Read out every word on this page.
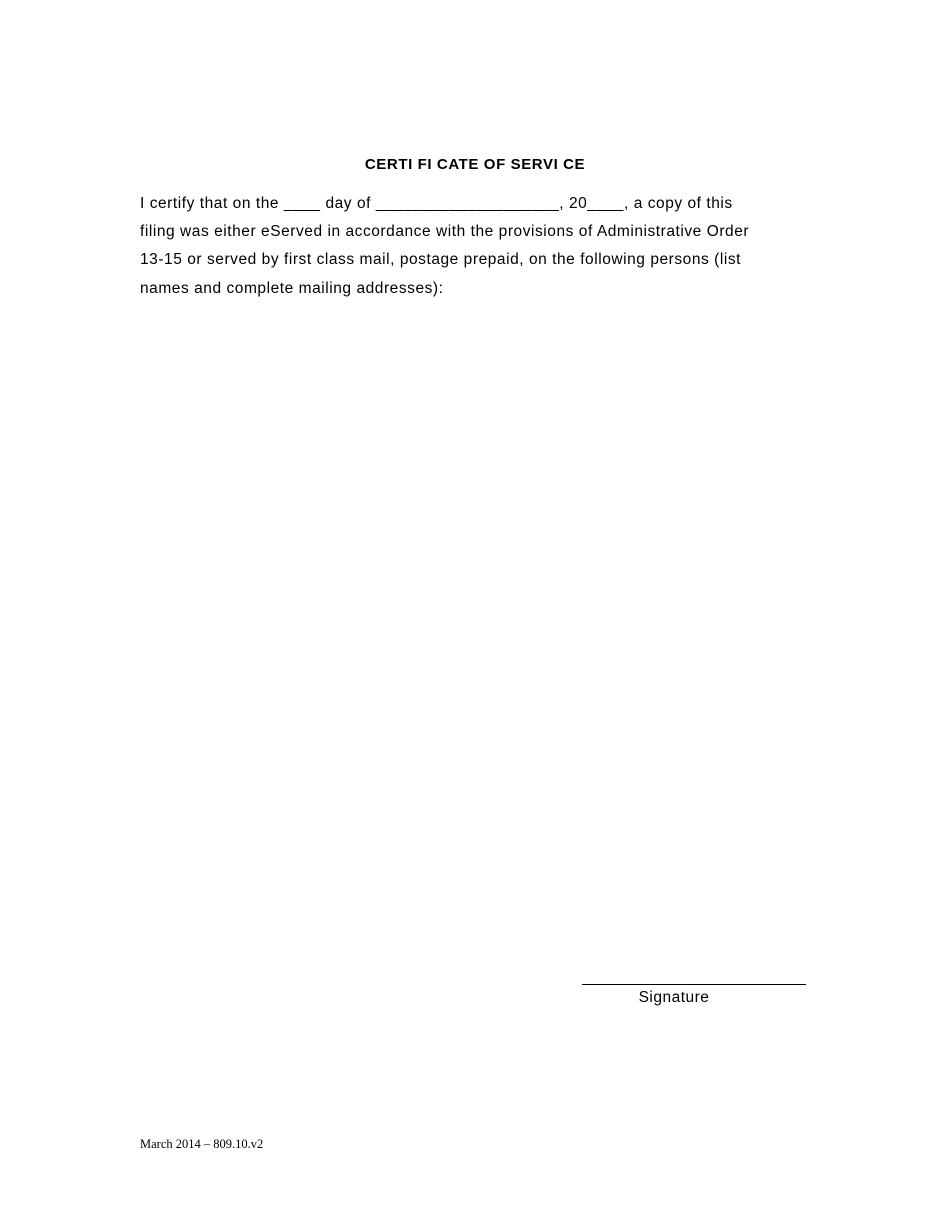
CERTI FI CATE OF SERVI CE
I certify that on the ____ day of ____________________, 20____, a copy of this
filing was either eServed in accordance with the provisions of Administrative Order
13-15 or served by first class mail, postage prepaid, on the following persons (list
names and complete mailing addresses):
Signature
March 2014 – 809.10.v2
